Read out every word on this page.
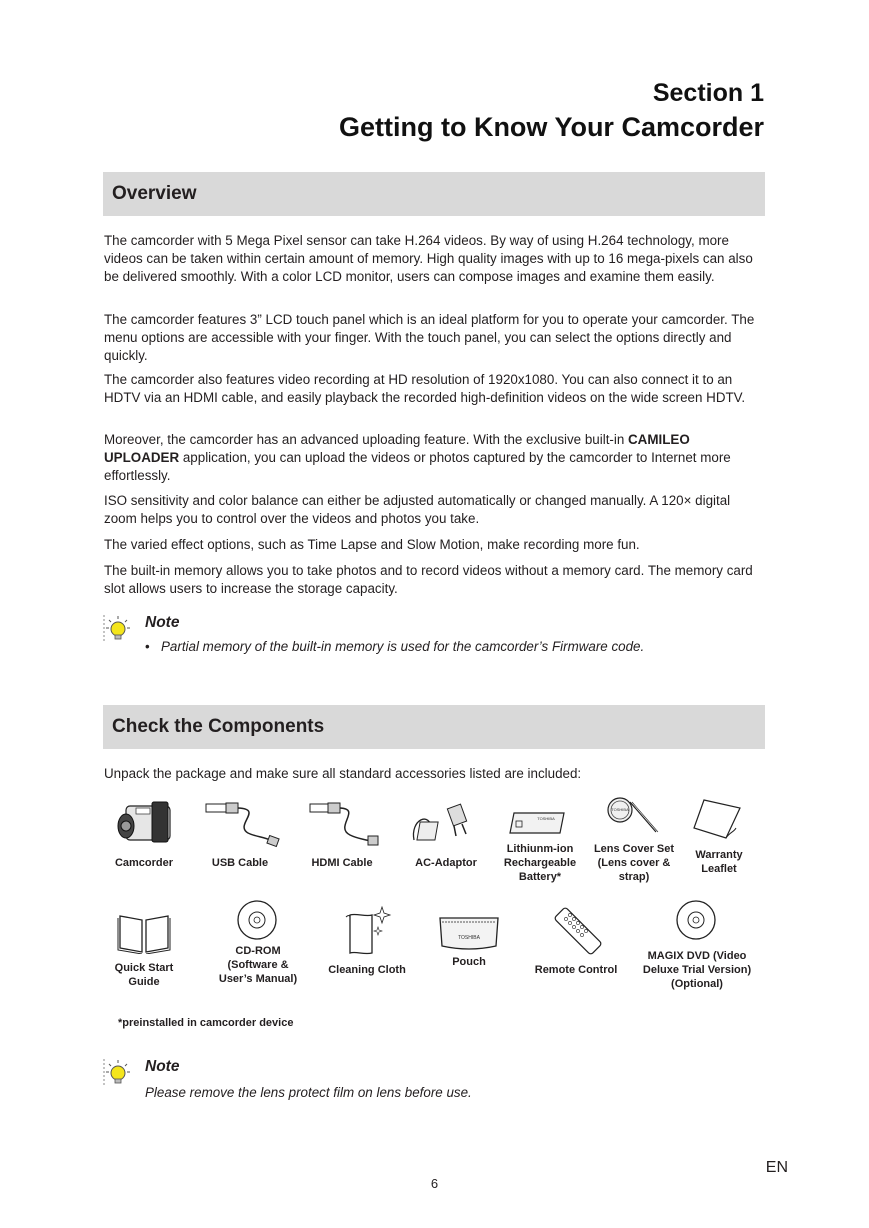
Section 1
Getting to Know Your Camcorder
Overview

The camcorder with 5 Mega Pixel sensor can take H.264 videos. By way of using H.264 technology, more videos can be taken within certain amount of memory. High quality images with up to 16 mega-pixels can also be delivered smoothly. With a color LCD monitor, users can compose images and examine them easily.

The camcorder features 3” LCD touch panel which is an ideal platform for you to operate your camcorder. The menu options are accessible with your finger. With the touch panel, you can select the options directly and quickly.

The camcorder also features video recording at HD resolution of 1920x1080. You can also connect it to an HDTV via an HDMI cable, and easily playback the recorded high-definition videos on the wide screen HDTV.

Moreover, the camcorder has an advanced uploading feature. With the exclusive built-in CAMILEO UPLOADER application, you can upload the videos or photos captured by the camcorder to Internet more effortlessly.

ISO sensitivity and color balance can either be adjusted automatically or changed manually. A 120× digital zoom helps you to control over the videos and photos you take.

The varied effect options, such as Time Lapse and Slow Motion, make recording more fun.

The built-in memory allows you to take photos and to record videos without a memory card. The memory card slot allows users to increase the storage capacity.

Note
• Partial memory of the built-in memory is used for the camcorder’s Firmware code.
Check the Components

Unpack the package and make sure all standard accessories listed are included:

TOSHIBA
TOSHIBA
Camcorder	USB Cable	HDMI Cable	AC-Adaptor
Lithiunm-ion Rechargeable Battery*
Lens Cover Set (Lens cover & strap)
Warranty Leaflet
TOSHIBA
Quick Start Guide
CD-ROM (Software & User’s Manual)
Cleaning Cloth
Pouch
Remote Control
MAGIX DVD (Video Deluxe Trial Version) (Optional)
*preinstalled in camcorder device
Note
Please remove the lens protect film on lens before use.
EN
6
